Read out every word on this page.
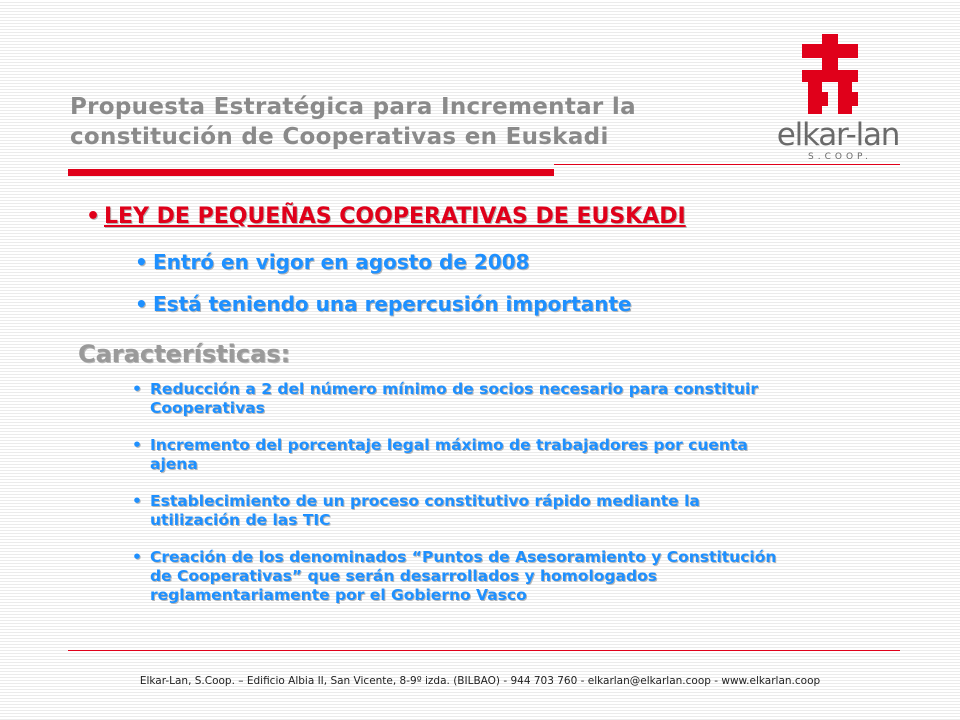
Propuesta Estratégica para Incrementar la
constitución de Cooperativas en Euskadi	elkar-lan
S.COOP.
• LEY DE PEQUEÑAS COOPERATIVAS DE EUSKADI
• Entró en vigor en agosto de 2008
• Está teniendo una repercusión importante
Características:
• Reducción a 2 del número mínimo de socios necesario para constituir
Cooperativas
• Incremento del porcentaje legal máximo de trabajadores por cuenta
ajena
• Establecimiento de un proceso constitutivo rápido mediante la
utilización de las TIC
• Creación de los denominados “Puntos de Asesoramiento y Constitución
de Cooperativas” que serán desarrollados y homologados
reglamentariamente por el Gobierno Vasco
Elkar-Lan, S.Coop. – Edificio Albia II, San Vicente, 8-9º izda. (BILBAO) - 944 703 760 - elkarlan@elkarlan.coop - www.elkarlan.coop
